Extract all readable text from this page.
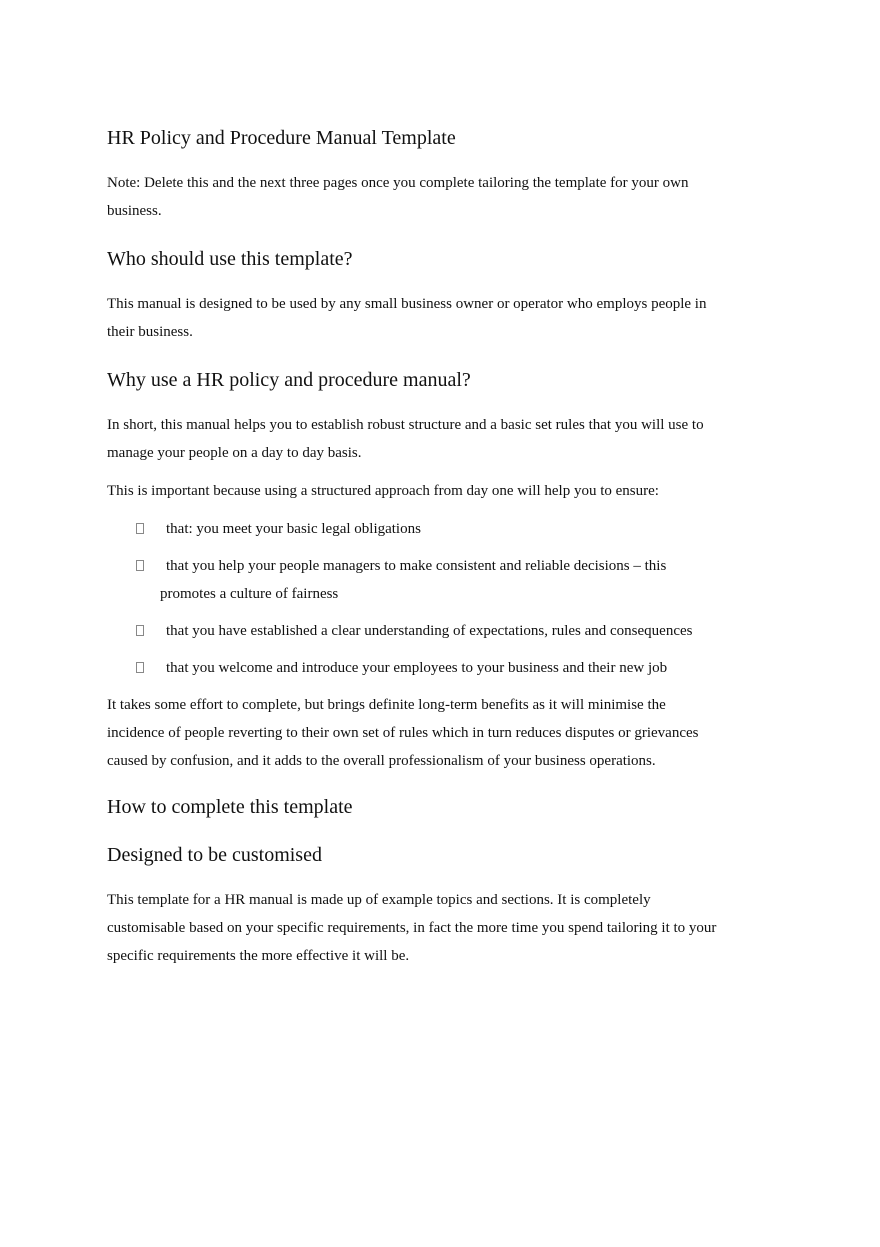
HR Policy and Procedure Manual Template

Note: Delete this and the next three pages once you complete tailoring the template for your own business.

Who should use this template?

This manual is designed to be used by any small business owner or operator who employs people in their business.

Why use a HR policy and procedure manual?

In short, this manual helps you to establish robust structure and a basic set rules that you will use to manage your people on a day to day basis.

This is important because using a structured approach from day one will help you to ensure:

that: you meet your basic legal obligations
that you help your people managers to make consistent and reliable decisions – this promotes a culture of fairness
that you have established a clear understanding of expectations, rules and consequences
that you welcome and introduce your employees to your business and their new job

It takes some effort to complete, but brings definite long-term benefits as it will minimise the incidence of people reverting to their own set of rules which in turn reduces disputes or grievances caused by confusion, and it adds to the overall professionalism of your business operations.

How to complete this template
Designed to be customised

This template for a HR manual is made up of example topics and sections. It is completely customisable based on your specific requirements, in fact the more time you spend tailoring it to your specific requirements the more effective it will be.
